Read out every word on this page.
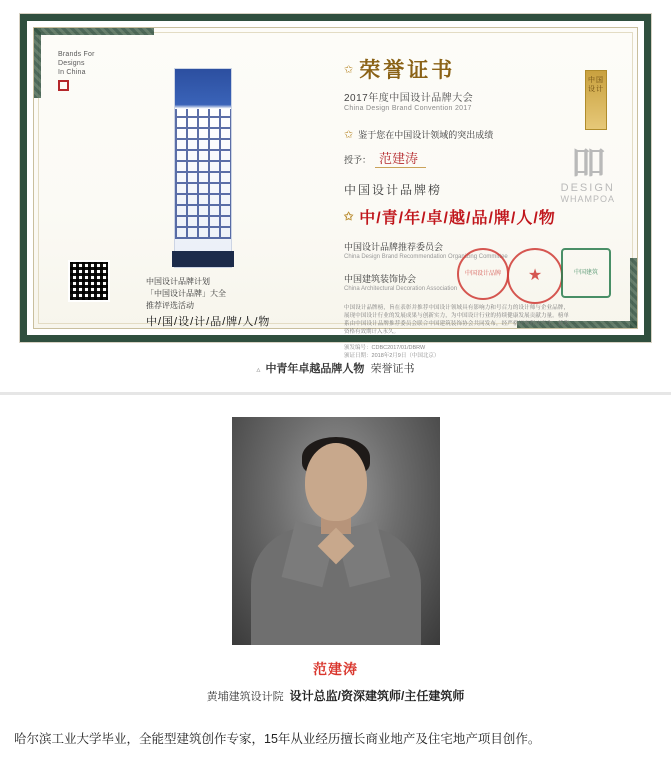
Brands For
Designs
In China
中国设计品牌计划
「中国设计品牌」大全
推荐评选活动
中/国/设/计/品/牌/人/物
✩ 荣誉证书
2017年度中国设计品牌大会
China Design Brand Convention 2017
✩ 鉴于您在中国设计领域的突出成绩
授予： 范建涛
中国设计品牌榜
✩ 中/青/年/卓/越/品/牌/人/物
中国设计品牌推荐委员会
China Design Brand Recommendation Organizing Committee
中国建筑装饰协会
China Architectural Decoration Association
中国设计品牌榜，旨在表彰并推荐中国设计领域具有影响力和号召力的设计师与企业品牌，展现中国设计行业的发展成果与创新实力，为中国设计行业的持续健康发展贡献力量。榜单系由中国设计品牌推荐委员会联合中国建筑装饰协会共同发布，经严格评审程序产生，获奖资格有效期计入永久。
颁发编号：CDBC2017/01/DBRW
颁证日期：2018年2月9日（中国北京）
中国设计
吅
DESIGN
WHAMPOA
中国设计品牌	★	中国建筑
▵ 中青年卓越品牌人物 荣誉证书
范建涛
黄埔建筑设计院 设计总监/资深建筑师/主任建筑师
哈尔滨工业大学毕业，全能型建筑创作专家，15年从业经历擅长商业地产及住宅地产项目创作。
